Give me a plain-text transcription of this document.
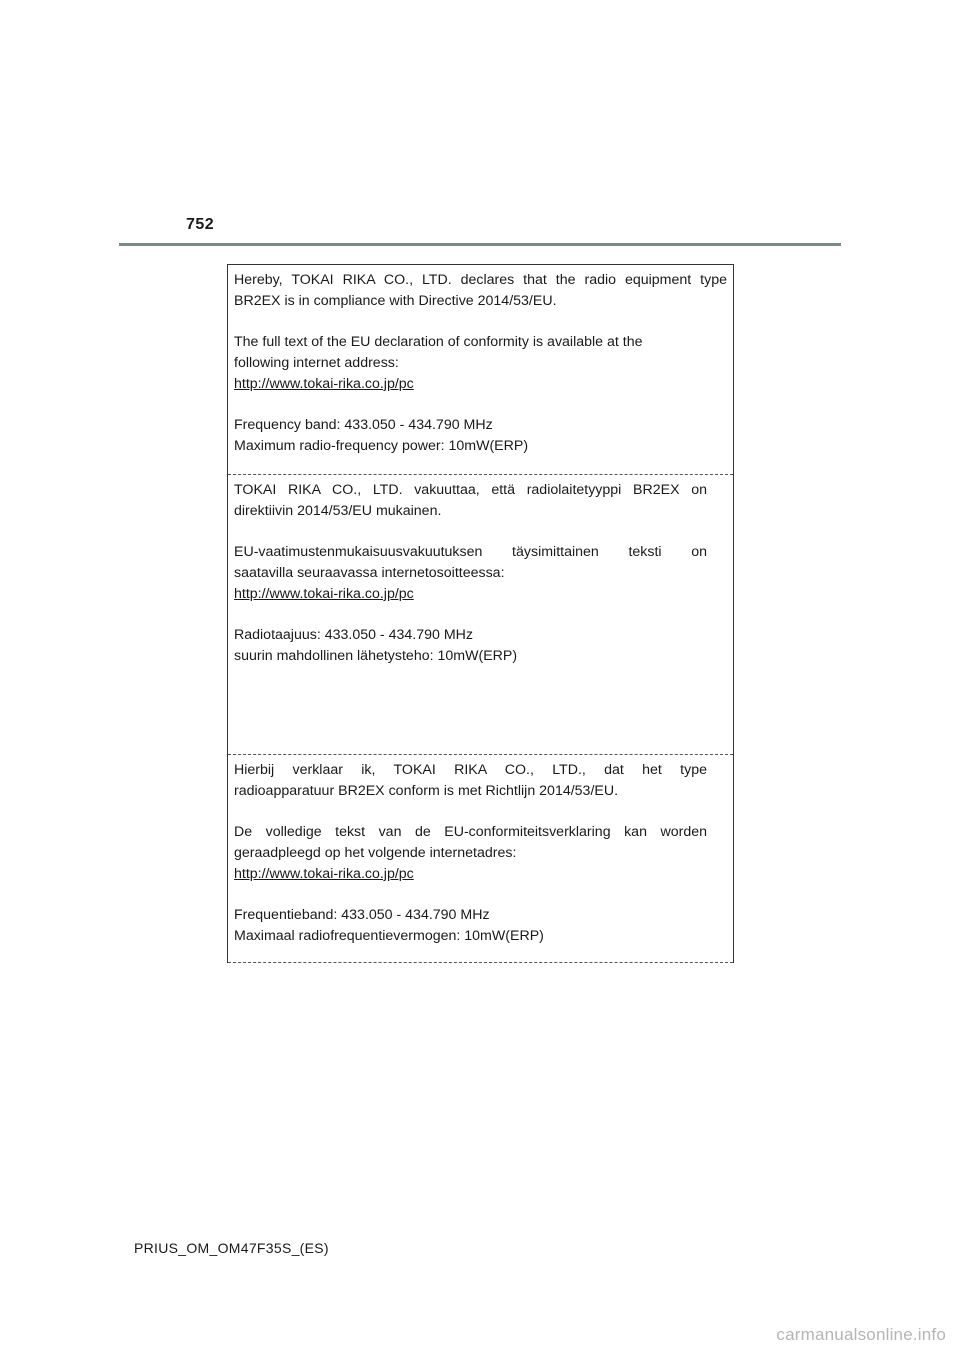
752

Hereby, TOKAI RIKA CO., LTD. declares that the radio equipment type

BR2EX is in compliance with Directive 2014/53/EU.

The full text of the EU declaration of conformity is available at the

following internet address:

http://www.tokai-rika.co.jp/pc

Frequency band: 433.050 - 434.790 MHz

Maximum radio-frequency power: 10mW(ERP)

TOKAI RIKA CO., LTD. vakuuttaa, että radiolaitetyyppi BR2EX on

direktiivin 2014/53/EU mukainen.

EU-vaatimustenmukaisuusvakuutuksen täysimittainen teksti on

saatavilla seuraavassa internetosoitteessa:

http://www.tokai-rika.co.jp/pc

Radiotaajuus: 433.050 - 434.790 MHz

suurin mahdollinen lähetysteho: 10mW(ERP)

Hierbij verklaar ik, TOKAI RIKA CO., LTD., dat het type

radioapparatuur BR2EX conform is met Richtlijn 2014/53/EU.

De volledige tekst van de EU-conformiteitsverklaring kan worden

geraadpleegd op het volgende internetadres:

http://www.tokai-rika.co.jp/pc

Frequentieband: 433.050 - 434.790 MHz

Maximaal radiofrequentievermogen: 10mW(ERP)

PRIUS_OM_OM47F35S_(ES)
carmanualsonline.info
